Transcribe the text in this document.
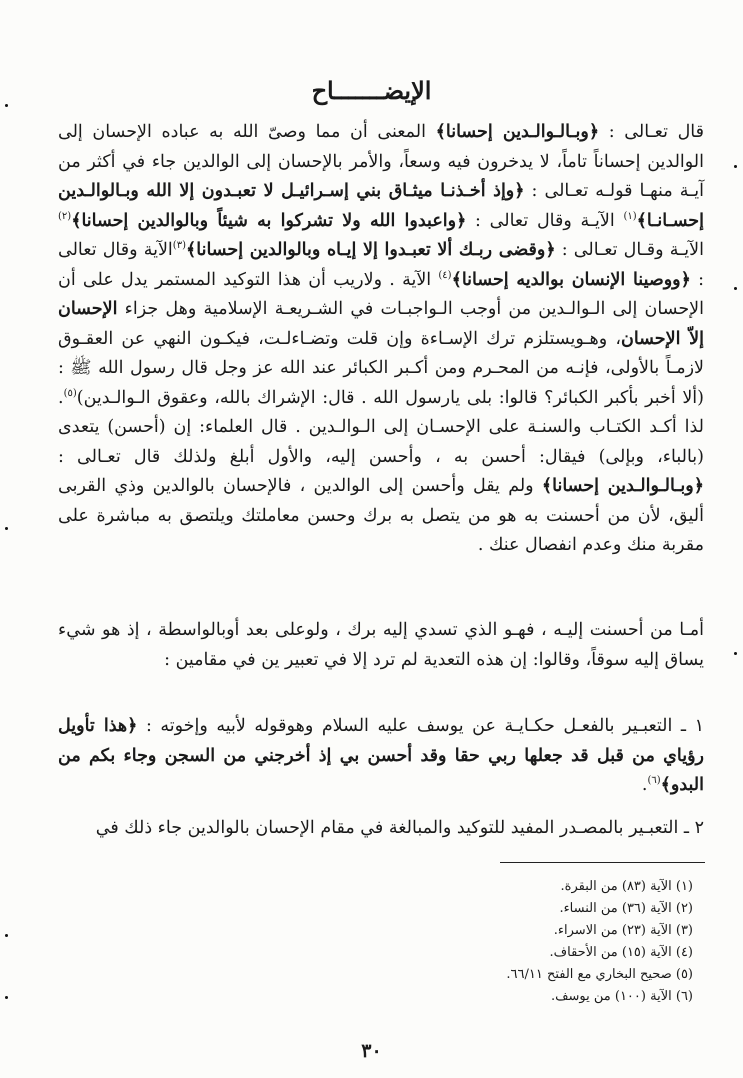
الإيضـــــــاح

قال تعـالى : ﴿وبـالـوالـدين إحسانا﴾ المعنى أن مما وصىّ الله به عباده الإحسان إلى الوالدين إحساناً تاماً، لا يدخرون فيه وسعاً، والأمر بالإحسان إلى الوالدين جاء في أكثر من آيـة منهـا قولـه تعـالى : ﴿وإذ أخـذنـا ميثـاق بني إسـرائيـل لا تعبـدون إلا الله وبـالوالـدين إحسـانـا﴾$^{(١)}$ الآيـة وقال تعالى : ﴿واعبدوا الله ولا تشركوا به شيئاً وبالوالدين إحسانا﴾$^{(٢)}$ الآيـة وقـال تعـالى : ﴿وقضى ربـك ألا تعبـدوا إلا إيـاه وبالوالدين إحسانا﴾$^{(٣)}$الآية وقال تعالى : ﴿ووصينا الإنسان بوالديه إحسانا﴾$^{(٤)}$ الآية . ولاريب أن هذا التوكيد المستمر يدل على أن الإحسان إلى الـوالـدين من أوجب الـواجبـات في الشـريعـة الإسلامية وهل جزاء الإحسان إلاّ الإحسان، وهـويستلزم ترك الإسـاءة وإن قلت وتضـاءلـت، فيكـون النهي عن العقـوق لازمـاً بالأولى، فإنـه من المحـرم ومن أكـبر الكبائر عند الله عز وجل قال رسول الله ﷺ : (ألا أخبر بأكبر الكبائر؟ قالوا: بلى يارسول الله . قال: الإشراك بالله، وعقوق الـوالـدين)$^{(٥)}$. لذا أكـد الكتـاب والسنـة على الإحسـان إلى الـوالـدين . قال العلماء: إن (أحسن) يتعدى (بالباء، وبإلى) فيقال: أحسن به ، وأحسن إليه، والأول أبلغ ولذلك قال تعـالى : ﴿وبـالـوالـدين إحسانا﴾ ولم يقل وأحسن إلى الوالدين ، فالإحسان بالوالدين وذي القربى أليق، لأن من أحسنت به هو من يتصل به برك وحسن معاملتك ويلتصق به مباشرة على مقربة منك وعدم انفصال عنك .

أمـا من أحسنت إليـه ، فهـو الذي تسدي إليه برك ، ولوعلى بعد أوبالواسطة ، إذ هو شيء يساق إليه سوقاً، وقالوا: إن هذه التعدية لم ترد إلا في تعبير ين في مقامين :

١ ـ التعبـير بالفعـل حكـايـة عن يوسف عليه السلام وهوقوله لأبيه وإخوته : ﴿هذا تأويل رؤياي من قبل قد جعلها ربي حقا وقد أحسن بي إذ أخرجني من السجن وجاء بكم من البدو﴾$^{(٦)}$.

٢ ـ التعبـير بالمصـدر المفيد للتوكيد والمبالغة في مقام الإحسان بالوالدين جاء ذلك في

(١) الآية (٨٣) من البقرة.
(٢) الآية (٣٦) من النساء.
(٣) الآية (٢٣) من الاسراء.
(٤) الآية (١٥) من الأحقاف.
(٥) صحيح البخاري مع الفتح ٦٦/١١.
(٦) الآية (١٠٠) من يوسف.
٣٠
